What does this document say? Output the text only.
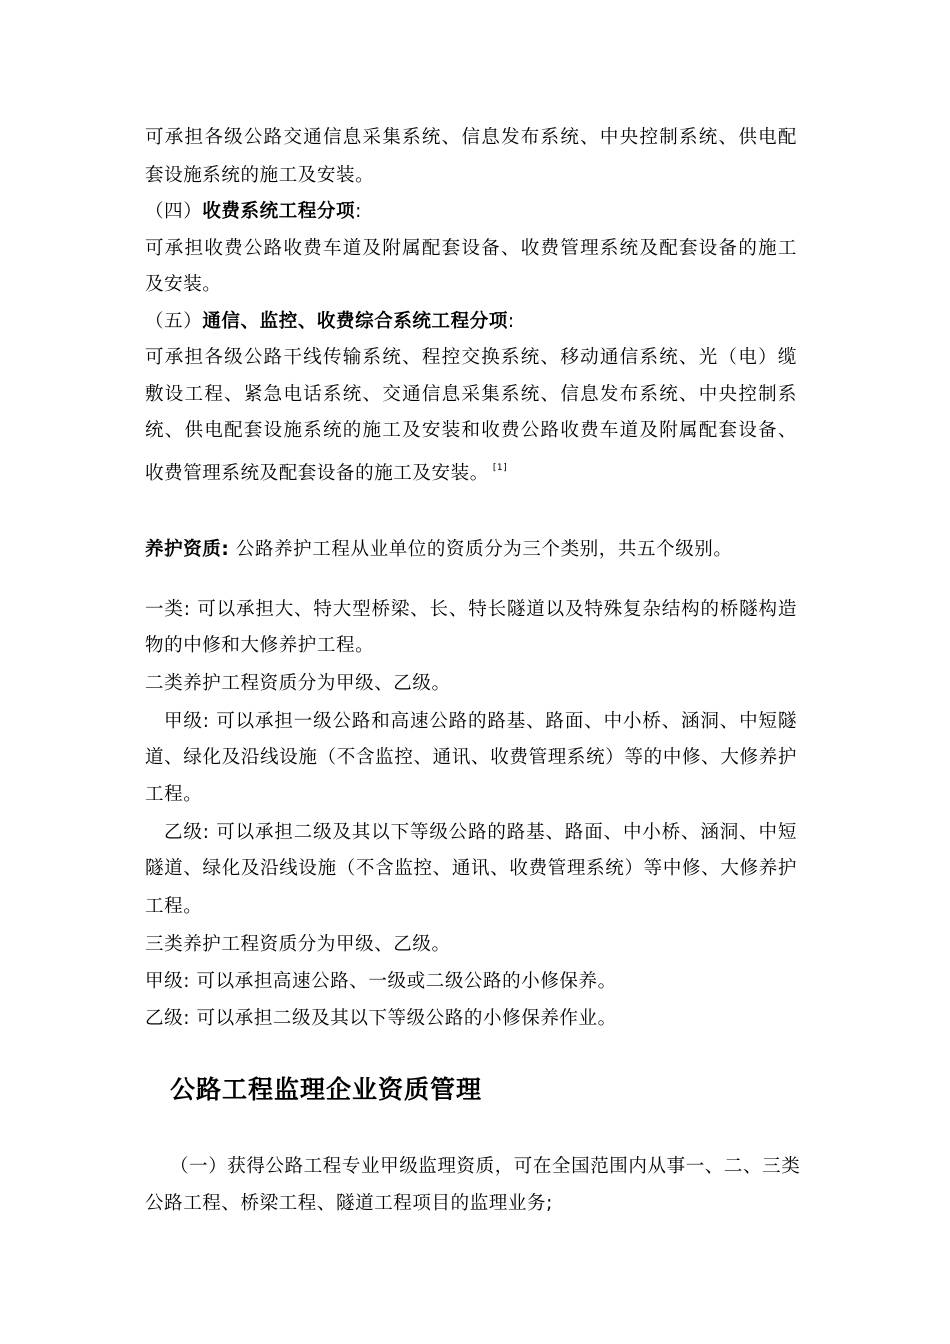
可承担各级公路交通信息采集系统、信息发布系统、中央控制系统、供电配
套设施系统的施工及安装。
（四）收费系统工程分项:
可承担收费公路收费车道及附属配套设备、收费管理系统及配套设备的施工
及安装。
（五）通信、监控、收费综合系统工程分项:
可承担各级公路干线传输系统、程控交换系统、移动通信系统、光（电）缆
敷设工程、紧急电话系统、交通信息采集系统、信息发布系统、中央控制系
统、供电配套设施系统的施工及安装和收费公路收费车道及附属配套设备、
收费管理系统及配套设备的施工及安装。 [1]
养护资质: 公路养护工程从业单位的资质分为三个类别，共五个级别。
一类: 可以承担大、特大型桥梁、长、特长隧道以及特殊复杂结构的桥隧构造
物的中修和大修养护工程。
二类养护工程资质分为甲级、乙级。
甲级: 可以承担一级公路和高速公路的路基、路面、中小桥、涵洞、中短隧
道、绿化及沿线设施（不含监控、通讯、收费管理系统）等的中修、大修养护
工程。
乙级: 可以承担二级及其以下等级公路的路基、路面、中小桥、涵洞、中短
隧道、绿化及沿线设施（不含监控、通讯、收费管理系统）等中修、大修养护
工程。
三类养护工程资质分为甲级、乙级。
甲级: 可以承担高速公路、一级或二级公路的小修保养。
乙级: 可以承担二级及其以下等级公路的小修保养作业。
公路工程监理企业资质管理
（一）获得公路工程专业甲级监理资质，可在全国范围内从事一、二、三类
公路工程、桥梁工程、隧道工程项目的监理业务;
